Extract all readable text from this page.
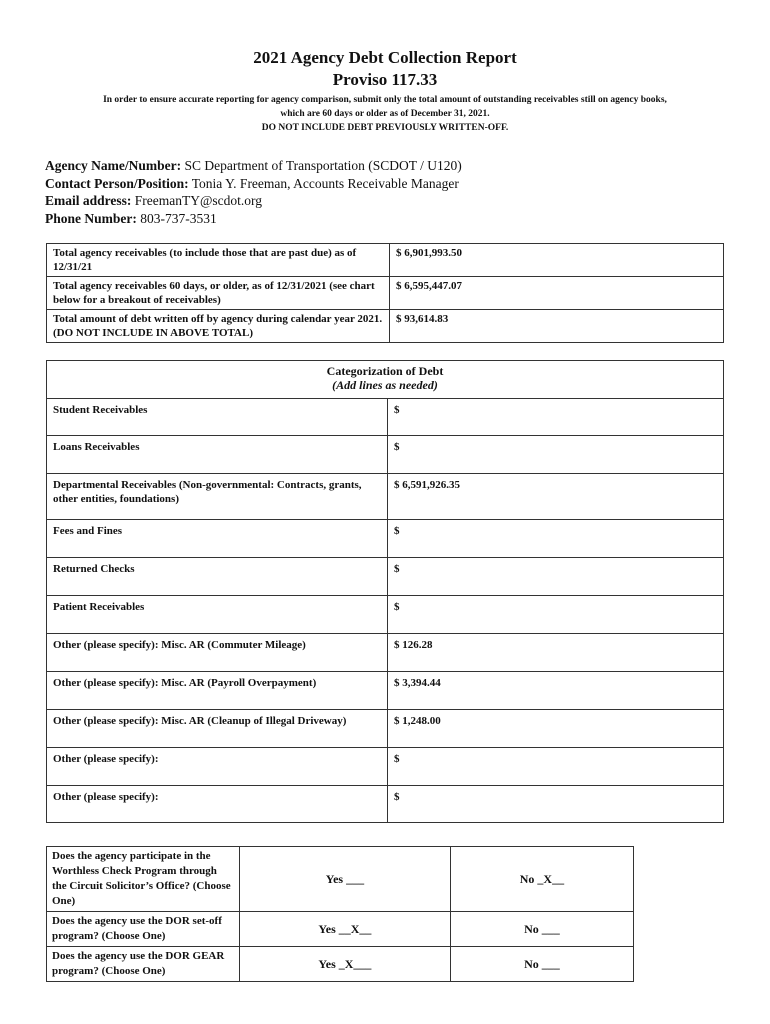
2021 Agency Debt Collection Report
Proviso 117.33
In order to ensure accurate reporting for agency comparison, submit only the total amount of outstanding receivables still on agency books, which are 60 days or older as of December 31, 2021.
DO NOT INCLUDE DEBT PREVIOUSLY WRITTEN-OFF.
Agency Name/Number: SC Department of Transportation (SCDOT / U120)
Contact Person/Position: Tonia Y. Freeman, Accounts Receivable Manager
Email address: FreemanTY@scdot.org
Phone Number: 803-737-3531
Total agency receivables (to include those that are past due) as of 12/31/21	$ 6,901,993.50
Total agency receivables 60 days, or older, as of 12/31/2021 (see chart below for a breakout of receivables)	$ 6,595,447.07
Total amount of debt written off by agency during calendar year 2021. (DO NOT INCLUDE IN ABOVE TOTAL)	$ 93,614.83
Categorization of Debt
(Add lines as needed)	
Student Receivables	$
Loans Receivables	$
Departmental Receivables (Non-governmental: Contracts, grants, other entities, foundations)	$ 6,591,926.35
Fees and Fines	$
Returned Checks	$
Patient Receivables	$
Other (please specify): Misc. AR (Commuter Mileage)	$ 126.28
Other (please specify): Misc. AR (Payroll Overpayment)	$ 3,394.44
Other (please specify): Misc. AR (Cleanup of Illegal Driveway)	$ 1,248.00
Other (please specify):	$
Other (please specify):	$
Does the agency participate in the Worthless Check Program through the Circuit Solicitor’s Office? (Choose One)	Yes ___	No _X__
Does the agency use the DOR set-off program? (Choose One)	Yes __X__	No ___
Does the agency use the DOR GEAR program? (Choose One)	Yes _X___	No ___
